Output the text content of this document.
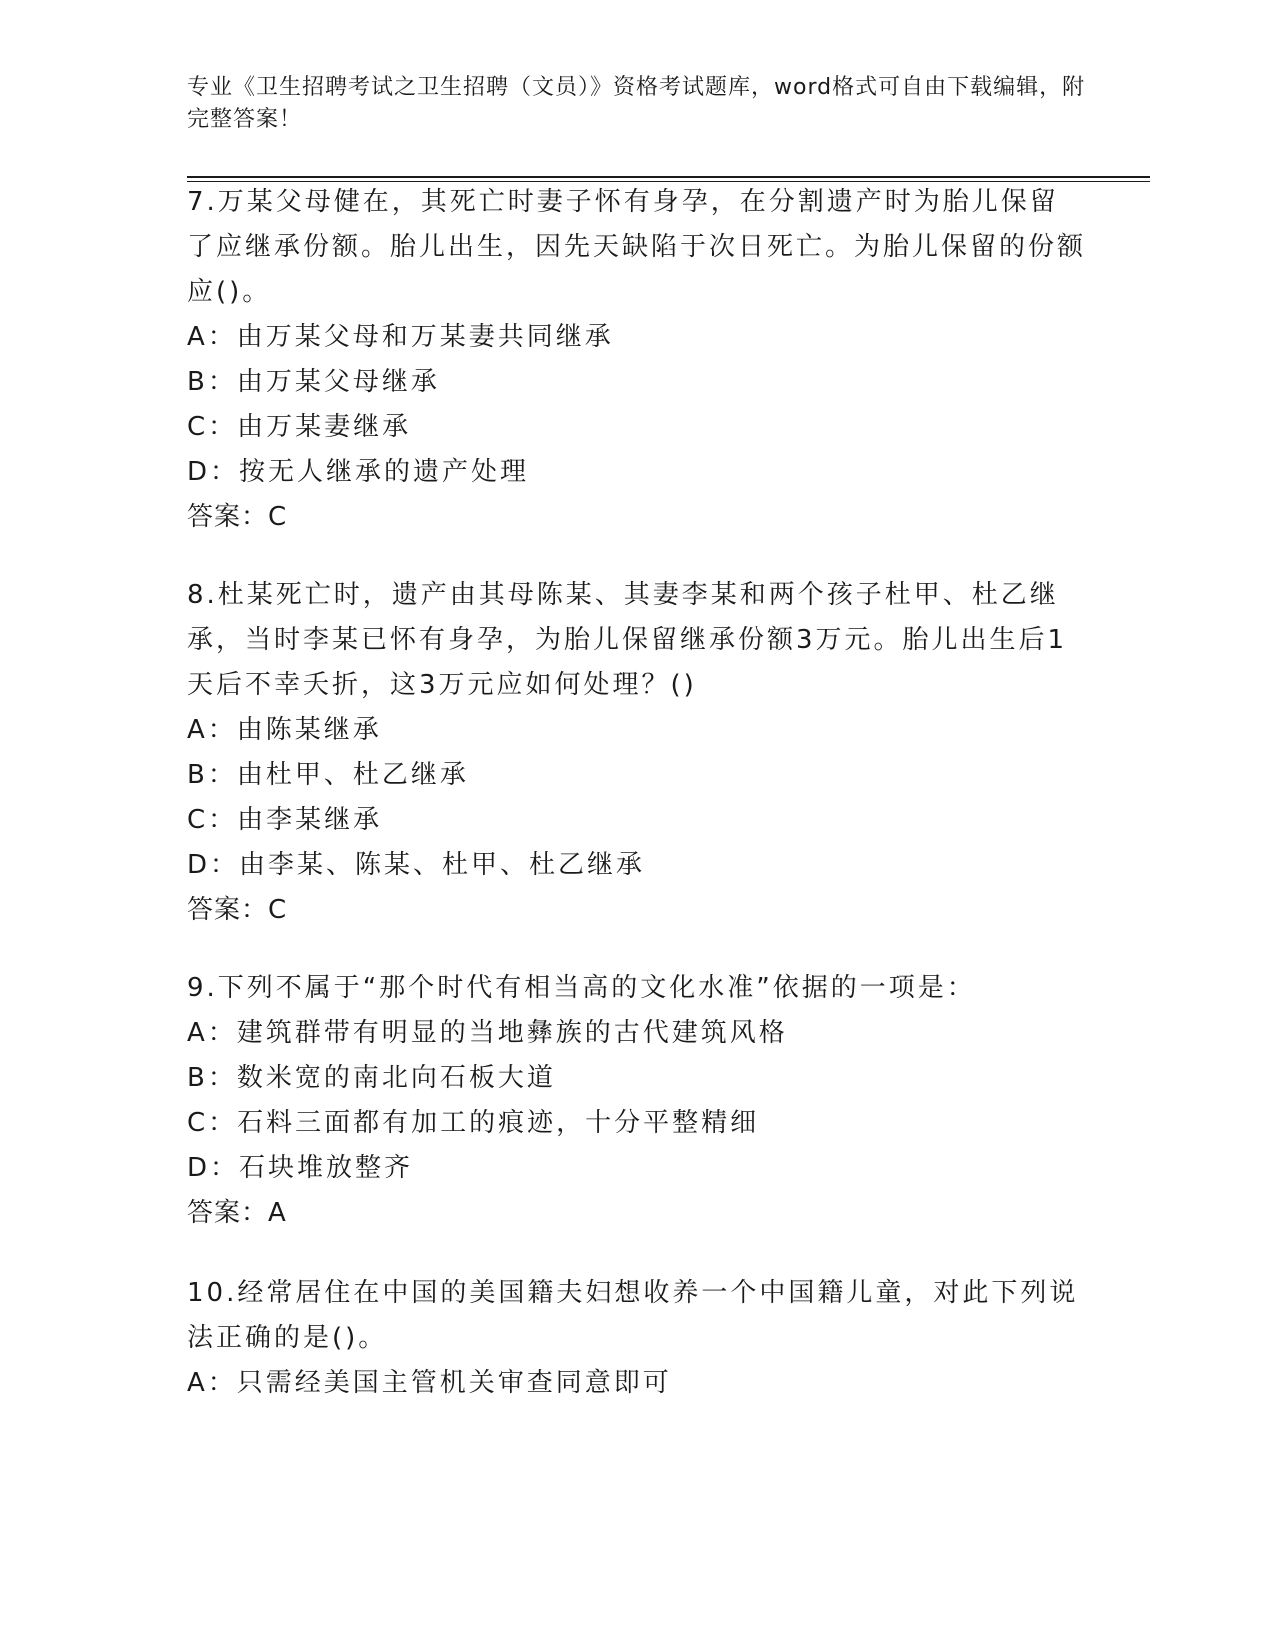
专业《卫生招聘考试之卫生招聘（文员）》资格考试题库，word格式可自由下载编辑，附完整答案！
7.万某父母健在，其死亡时妻子怀有身孕，在分割遗产时为胎儿保留了应继承份额。胎儿出生，因先天缺陷于次日死亡。为胎儿保留的份额应()。
A：由万某父母和万某妻共同继承
B：由万某父母继承
C：由万某妻继承
D：按无人继承的遗产处理
答案：C
8.杜某死亡时，遗产由其母陈某、其妻李某和两个孩子杜甲、杜乙继承，当时李某已怀有身孕，为胎儿保留继承份额3万元。胎儿出生后1天后不幸夭折，这3万元应如何处理？()
A：由陈某继承
B：由杜甲、杜乙继承
C：由李某继承
D：由李某、陈某、杜甲、杜乙继承
答案：C
9.下列不属于“那个时代有相当高的文化水准”依据的一项是：
A：建筑群带有明显的当地彝族的古代建筑风格
B：数米宽的南北向石板大道
C：石料三面都有加工的痕迹，十分平整精细
D：石块堆放整齐
答案：A
10.经常居住在中国的美国籍夫妇想收养一个中国籍儿童，对此下列说法正确的是()。
A：只需经美国主管机关审查同意即可
